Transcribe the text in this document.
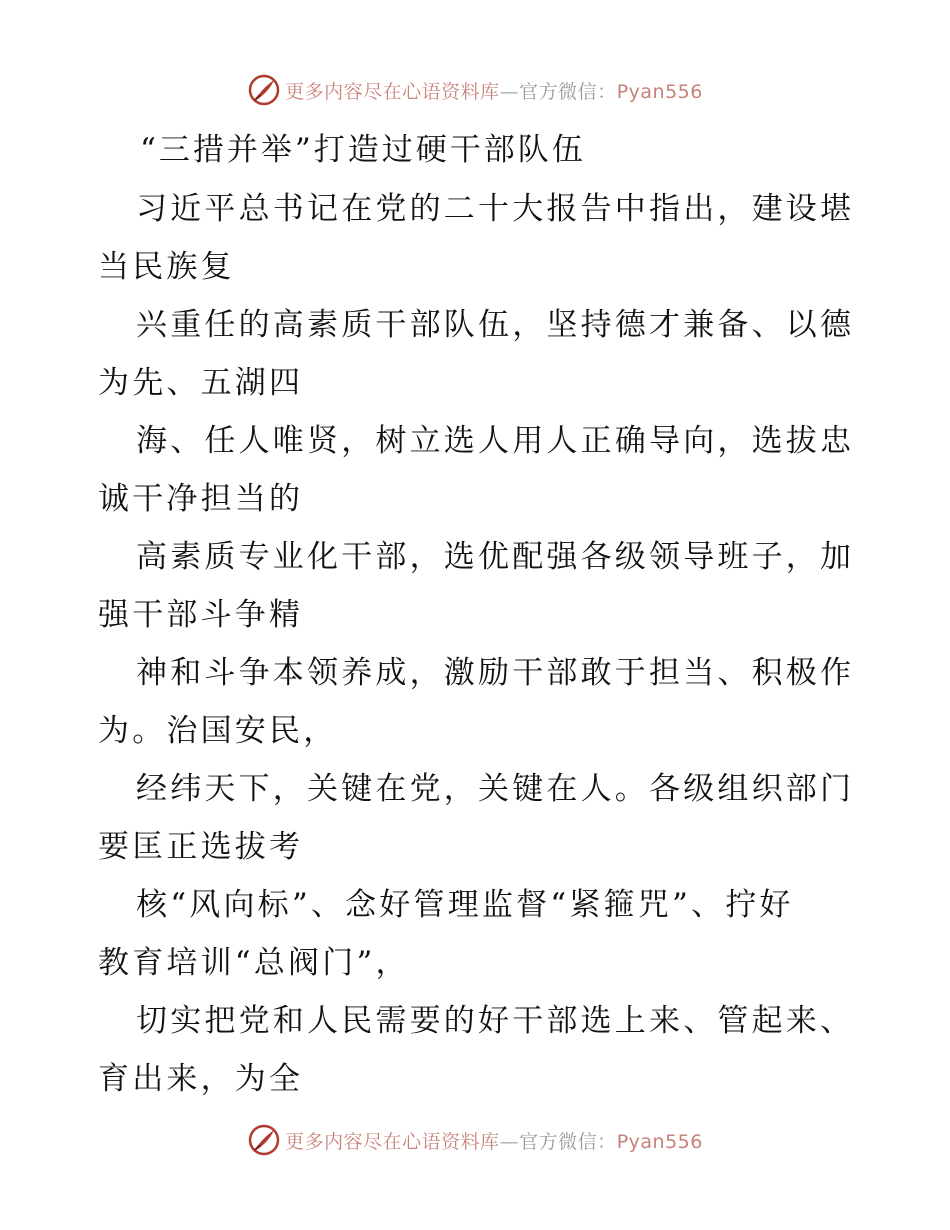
更多内容尽在心语资料库—官方微信：Pyan556
“三措并举”打造过硬干部队伍

习近平总书记在党的二十大报告中指出，建设堪
当民族复

兴重任的高素质干部队伍，坚持德才兼备、以德
为先、五湖四

海、任人唯贤，树立选人用人正确导向，选拔忠
诚干净担当的

高素质专业化干部，选优配强各级领导班子，加
强干部斗争精

神和斗争本领养成，激励干部敢于担当、积极作
为。治国安民，

经纬天下，关键在党，关键在人。各级组织部门
要匡正选拔考

核“风向标”、念好管理监督“紧箍咒”、拧好
教育培训“总阀门”，

切实把党和人民需要的好干部选上来、管起来、
育出来，为全

更多内容尽在心语资料库—官方微信：Pyan556
